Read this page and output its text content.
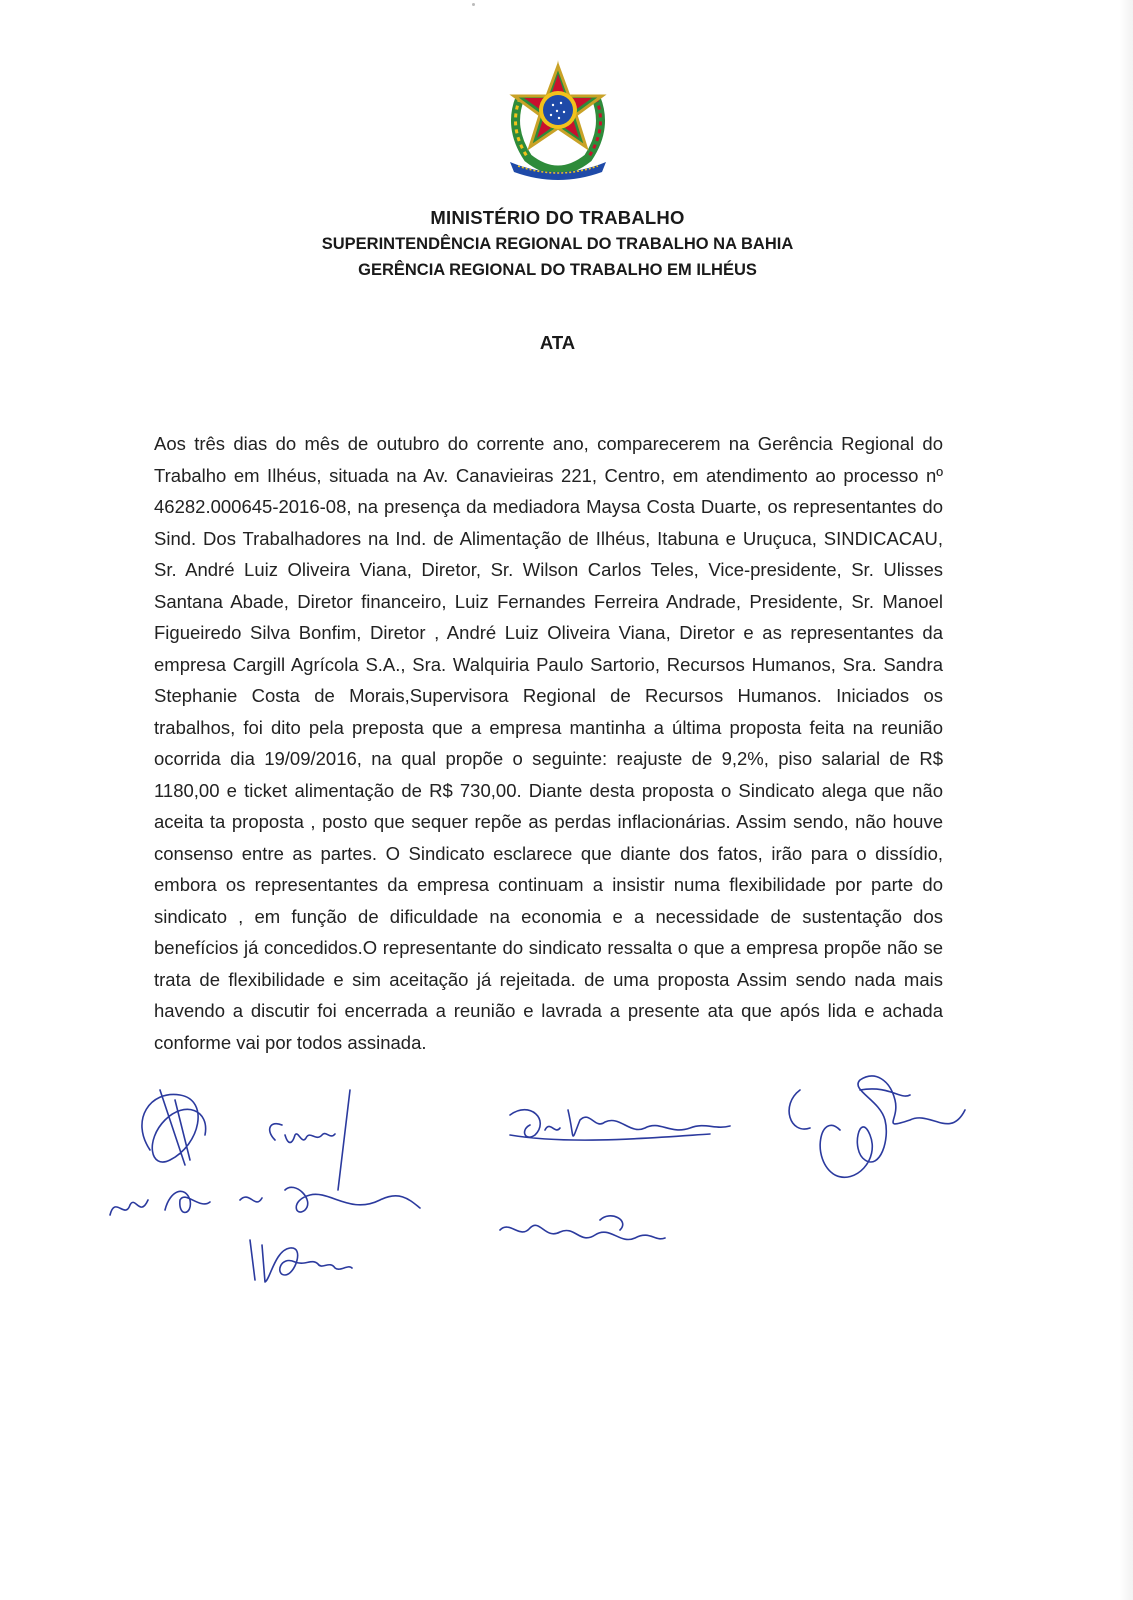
MINISTÉRIO DO TRABALHO
SUPERINTENDÊNCIA REGIONAL DO TRABALHO NA BAHIA
GERÊNCIA REGIONAL DO TRABALHO EM ILHÉUS
ATA
Aos três dias do mês de outubro do corrente ano, comparecerem na Gerência Regional do Trabalho em Ilhéus, situada na Av. Canavieiras 221, Centro, em atendimento ao processo nº 46282.000645-2016-08, na presença da mediadora Maysa Costa Duarte, os representantes do Sind. Dos Trabalhadores na Ind. de Alimentação de Ilhéus, Itabuna e Uruçuca, SINDICACAU, Sr. André Luiz Oliveira Viana, Diretor, Sr. Wilson Carlos Teles, Vice-presidente, Sr. Ulisses Santana Abade, Diretor financeiro, Luiz Fernandes Ferreira Andrade, Presidente, Sr. Manoel Figueiredo Silva Bonfim, Diretor , André Luiz Oliveira Viana, Diretor e as representantes da empresa Cargill Agrícola S.A., Sra. Walquiria Paulo Sartorio, Recursos Humanos, Sra. Sandra Stephanie Costa de Morais,Supervisora Regional de Recursos Humanos. Iniciados os trabalhos, foi dito pela preposta que a empresa mantinha a última proposta feita na reunião ocorrida dia 19/09/2016, na qual propõe o seguinte: reajuste de 9,2%, piso salarial de R$ 1180,00 e ticket alimentação de R$ 730,00. Diante desta proposta o Sindicato alega que não aceita ta proposta , posto que sequer repõe as perdas inflacionárias. Assim sendo, não houve consenso entre as partes. O Sindicato esclarece que diante dos fatos, irão para o dissídio, embora os representantes da empresa continuam a insistir numa flexibilidade por parte do sindicato , em função de dificuldade na economia e a necessidade de sustentação dos benefícios já concedidos.O representante do sindicato ressalta o que a empresa propõe não se trata de flexibilidade e sim aceitação já rejeitada. de uma proposta Assim sendo nada mais havendo a discutir foi encerrada a reunião e lavrada a presente ata que após lida e achada conforme vai por todos assinada.
